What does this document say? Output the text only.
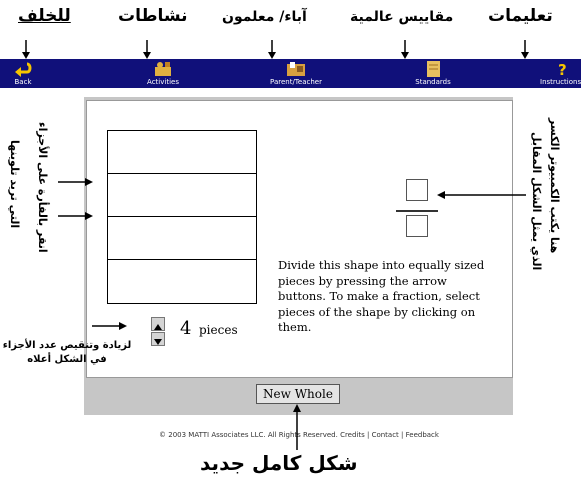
للخلف	نشاطات آباء/ معلمون	مقاييس عالمية تعليمات
Back	Activities	Parent/Teacher	Standards
?
Instructions
Divide this shape into equally sized pieces by pressing the arrow buttons. To make a fraction, select pieces of the shape by clicking on them.
4 pieces
New Whole
© 2003 MATTI Associates LLC. All Rights Reserved. Credits | Contact | Feedback
انقر بالفأرة على الأجزاء
التي تريد تلوينها
لزيادة وتنقيص عدد الأجزاء
في الشكل أعلاه
هنا يكتب الكمبيوتر الكسر
الذي يمثل الشكل المقابل
شكل كامل جديد
